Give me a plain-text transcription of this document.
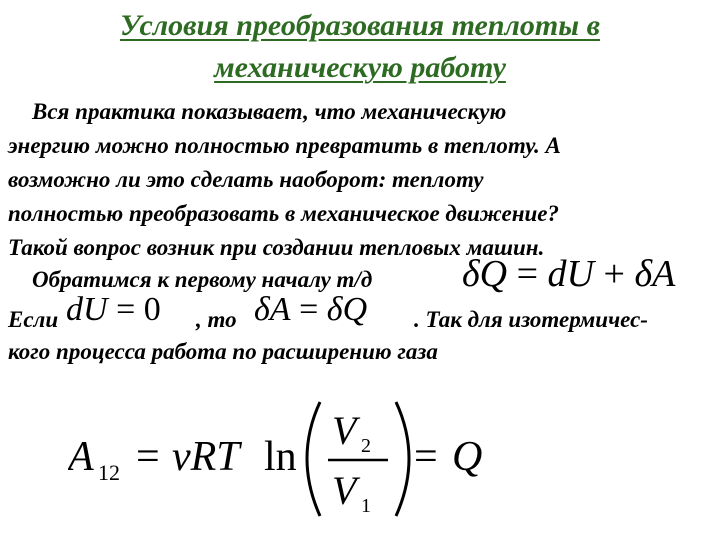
Условия преобразования теплоты в
механическую работу
Вся практика показывает, что механическую
энергию можно полностью превратить в теплоту. А
возможно ли это сделать наоборот: теплоту
полностью преобразовать в механическое движение?
Такой вопрос возник при создании тепловых машин.
Обратимся к первому началу т/д δQ = dU + δA
Если dU = 0 , то δA = δQ . Так для изотермичес-
кого процесса работа по расширению газа
A 12 = νRT ln
V 2
V 1
= Q
